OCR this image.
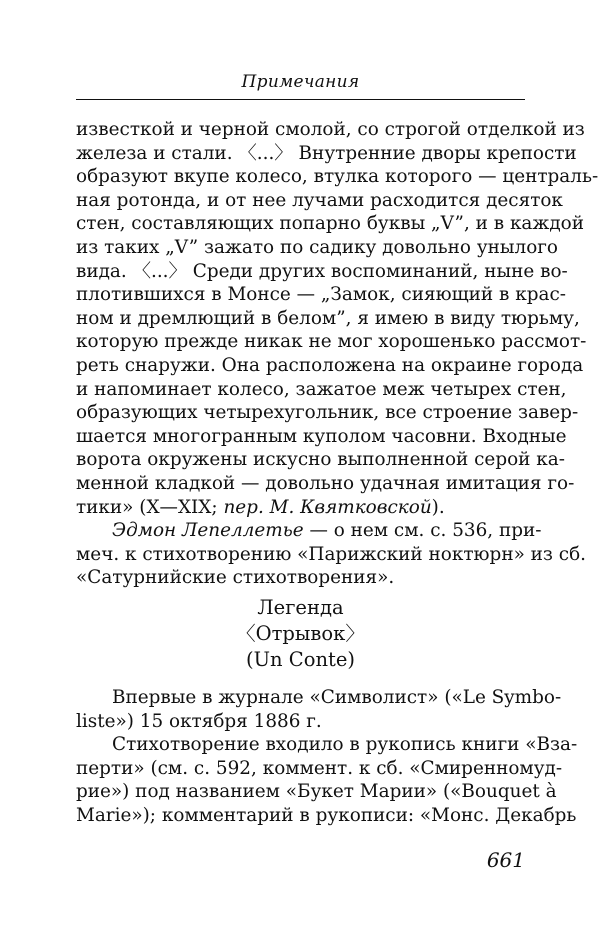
Примечания
известкой и черной смолой, со строгой отделкой из
железа и стали. 〈...〉 Внутренние дворы крепости
образуют вкупе колесо, втулка которого — централь-
ная ротонда, и от нее лучами расходится десяток
стен, составляющих попарно буквы „V”, и в каждой
из таких „V” зажато по садику довольно унылого
вида. 〈...〉 Среди других воспоминаний, ныне во-
плотившихся в Монсе — „Замок, сияющий в крас-
ном и дремлющий в белом”, я имею в виду тюрьму,
которую прежде никак не мог хорошенько рассмот-
реть снаружи. Она расположена на окраине города
и напоминает колесо, зажатое меж четырех стен,
образующих четырехугольник, все строение завер-
шается многогранным куполом часовни. Входные
ворота окружены искусно выполненной серой ка-
менной кладкой — довольно удачная имитация го-
тики» (X—XIX; пер. М. Квятковской).
Эдмон Лепеллетье — о нем см. с. 536, при-
меч. к стихотворению «Парижский ноктюрн» из сб.
«Сатурнийские стихотворения».
Легенда
〈Отрывок〉
(Un Conte)
Впервые в журнале «Символист» («Le Symbo-
liste») 15 октября 1886 г.
Стихотворение входило в рукопись книги «Вза-
перти» (см. с. 592, коммент. к сб. «Смиренномуд-
рие») под названием «Букет Марии» («Bouquet à
Marie»); комментарий в рукописи: «Монс. Декабрь
661
